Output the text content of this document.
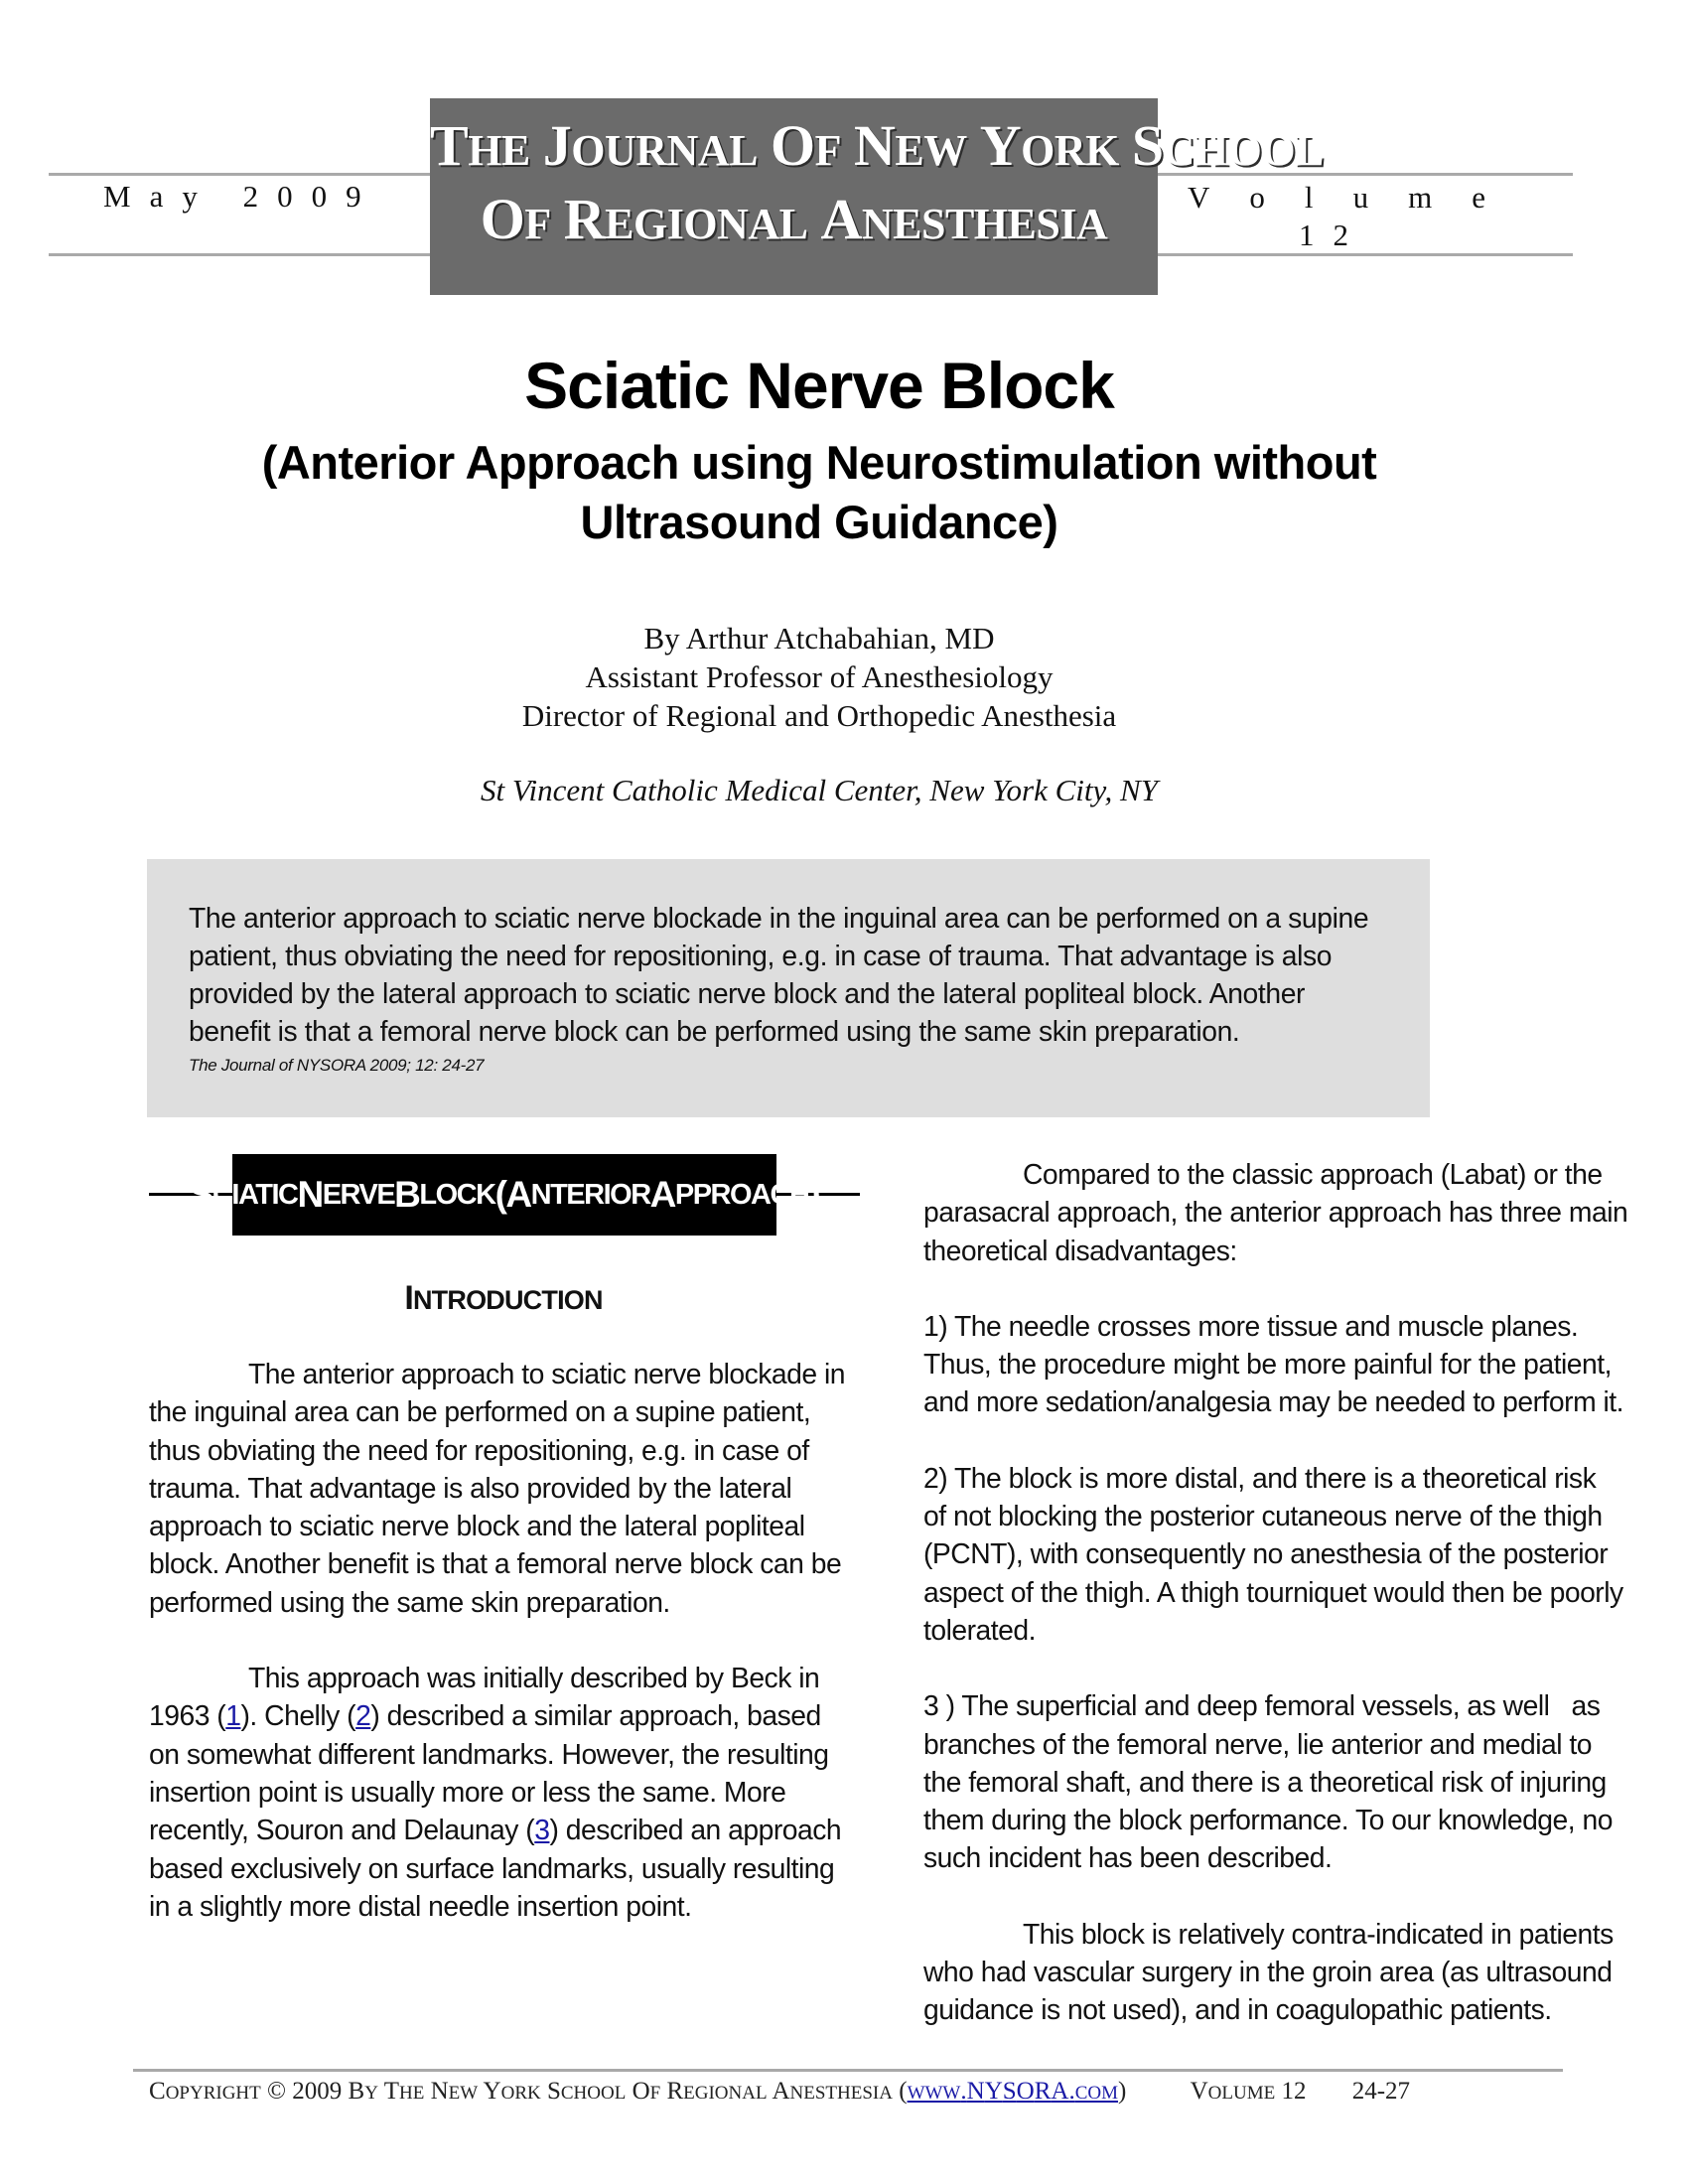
May 2009
THE JOURNAL OF NEW YORK SCHOOL
OF REGIONAL ANESTHESIA
V o l u m e
12
Sciatic Nerve Block
(Anterior Approach using Neurostimulation without
Ultrasound Guidance)
By Arthur Atchabahian, MD
Assistant Professor of Anesthesiology
Director of Regional and Orthopedic Anesthesia
St Vincent Catholic Medical Center, New York City, NY
The anterior approach to sciatic nerve blockade in the inguinal area can be performed on a supine
patient, thus obviating the need for repositioning, e.g. in case of trauma. That advantage is also
provided by the lateral approach to sciatic nerve block and the lateral popliteal block. Another
benefit is that a femoral nerve block can be performed using the same skin preparation.
The Journal of NYSORA 2009; 12: 24-27
S CIATIC N ERVE B LOCK ( A NTERIOR A PPROACH )
INTRODUCTION

The anterior approach to sciatic nerve blockade in
the inguinal area can be performed on a supine patient,
thus obviating the need for repositioning, e.g. in case of
trauma. That advantage is also provided by the lateral
approach to sciatic nerve block and the lateral popliteal
block. Another benefit is that a femoral nerve block can be
performed using the same skin preparation.

This approach was initially described by Beck in
1963 (1). Chelly (2) described a similar approach, based
on somewhat different landmarks. However, the resulting
insertion point is usually more or less the same. More
recently, Souron and Delaunay (3) described an approach
based exclusively on surface landmarks, usually resulting
in a slightly more distal needle insertion point.

Compared to the classic approach (Labat) or the
parasacral approach, the anterior approach has three main
theoretical disadvantages:

1) The needle crosses more tissue and muscle planes.
Thus, the procedure might be more painful for the patient,
and more sedation/analgesia may be needed to perform it.

2) The block is more distal, and there is a theoretical risk
of not blocking the posterior cutaneous nerve of the thigh
(PCNT), with consequently no anesthesia of the posterior
aspect of the thigh. A thigh tourniquet would then be poorly
tolerated.

3 ) The superficial and deep femoral vessels, as well   as
branches of the femoral nerve, lie anterior and medial to
the femoral shaft, and there is a theoretical risk of injuring
them during the block performance. To our knowledge, no
such incident has been described.

This block is relatively contra-indicated in patients
who had vascular surgery in the groin area (as ultrasound
guidance is not used), and in coagulopathic patients.

COPYRIGHT © 2009 BY THE NEW YORK SCHOOL OF REGIONAL ANESTHESIA (WWW.NYSORA.COM)	VOLUME 12 24-27
